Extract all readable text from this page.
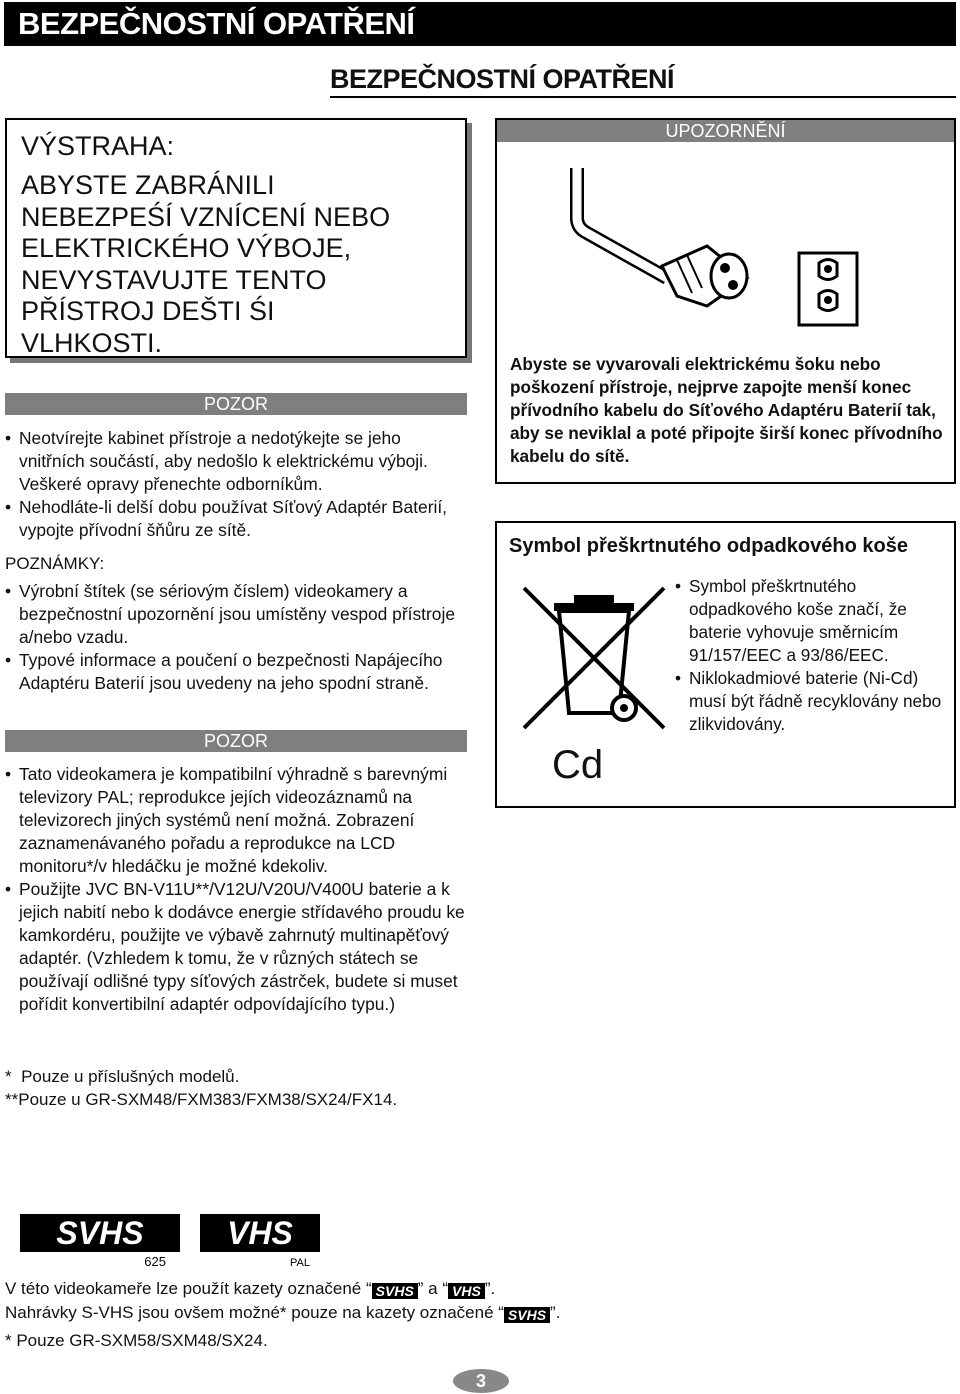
BEZPEČNOSTNÍ OPATŘENÍ
BEZPEČNOSTNÍ OPATŘENÍ
VÝSTRAHA:
ABYSTE ZABRÁNILI
NEBEZPEŚÍ VZNÍCENÍ NEBO
ELEKTRICKÉHO VÝBOJE,
NEVYSTAVUJTE TENTO
PŘÍSTROJ DEŠTI ŚI
VLHKOSTI.
POZOR
• Neotvírejte kabinet přístroje a nedotýkejte se jeho vnitřních součástí, aby nedošlo k elektrickému výboji. Veškeré opravy přenechte odborníkům.
• Nehodláte-li delší dobu používat Síťový Adaptér Baterií, vypojte přívodní šňůru ze sítě.
POZNÁMKY:
• Výrobní štítek (se sériovým číslem) videokamery a bezpečnostní upozornění jsou umístěny vespod přístroje a/nebo vzadu.
• Typové informace a poučení o bezpečnosti Napájecího Adaptéru Baterií jsou uvedeny na jeho spodní straně.
POZOR
• Tato videokamera je kompatibilní výhradně s barevnými televizory PAL; reprodukce jejích videozáznamů na televizorech jiných systémů není možná. Zobrazení zaznamenávaného pořadu a reprodukce na LCD monitoru*/v hledáčku je možné kdekoliv.
• Použijte JVC BN-V11U**/V12U/V20U/V400U baterie a k jejich nabití nebo k dodávce energie střídavého proudu ke kamkordéru, použijte ve výbavě zahrnutý multinapěťový adaptér. (Vzhledem k tomu, že v různých státech se používají odlišné typy síťových zástrček, budete si muset pořídit konvertibilní adaptér odpovídajícího typu.)
* Pouze u příslušných modelů.
**Pouze u GR-SXM48/FXM383/FXM38/SX24/FX14.
UPOZORNĚNÍ
Abyste se vyvarovali elektrickému šoku nebo poškození přístroje, nejprve zapojte menší konec přívodního kabelu do Síťového Adaptéru Baterií tak, aby se neviklal a poté připojte širší konec přívodního kabelu do sítě.
Symbol přeškrtnutého odpadkového koše
Cd
• Symbol přeškrtnutého odpadkového koše značí, že baterie vyhovuje směrnicím 91/157/EEC a 93/86/EEC.
• Niklokadmiové baterie (Ni-Cd) musí být řádně recyklovány nebo zlikvidovány.
SVHS
625
VHS
PAL
V této videokameře lze použít kazety označené “ SVHS ” a “ VHS ”.
Nahrávky S-VHS jsou ovšem možné* pouze na kazety označené “ SVHS ”.
* Pouze GR-SXM58/SXM48/SX24.
3
